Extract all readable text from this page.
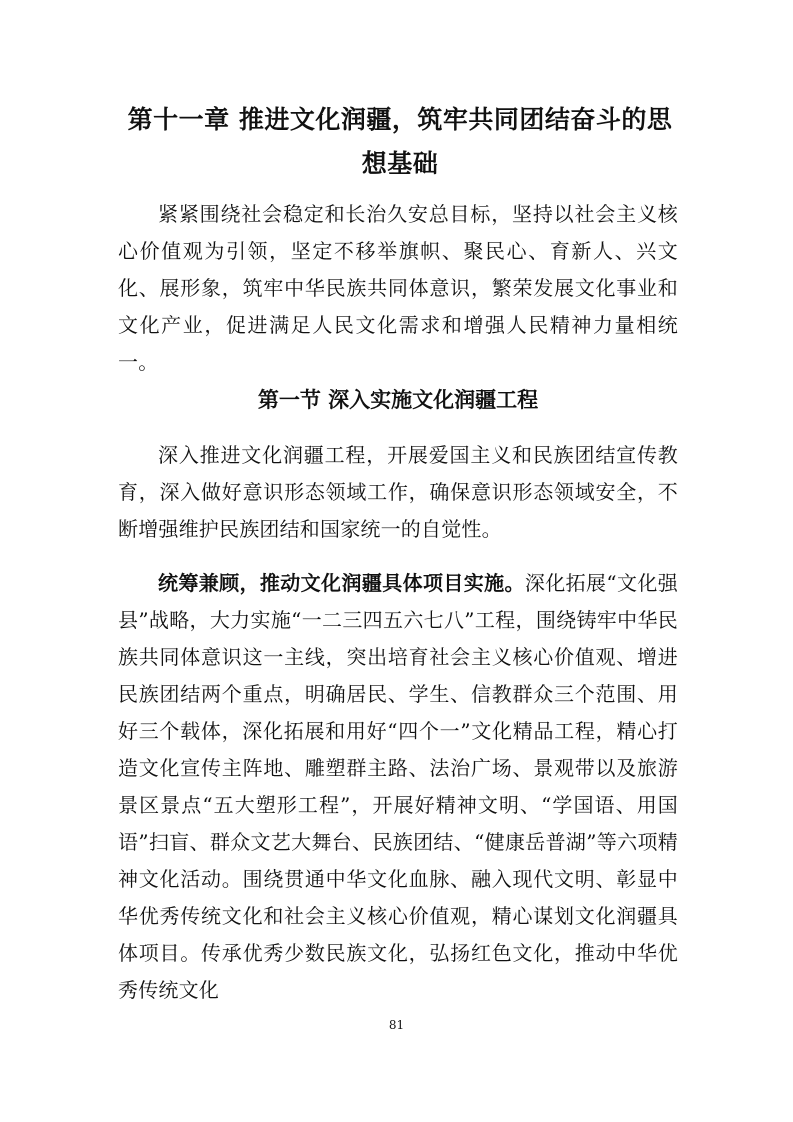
第十一章 推进文化润疆，筑牢共同团结奋斗的思想基础

紧紧围绕社会稳定和长治久安总目标，坚持以社会主义核心价值观为引领，坚定不移举旗帜、聚民心、育新人、兴文化、展形象，筑牢中华民族共同体意识，繁荣发展文化事业和文化产业，促进满足人民文化需求和增强人民精神力量相统一。

第一节 深入实施文化润疆工程

深入推进文化润疆工程，开展爱国主义和民族团结宣传教育，深入做好意识形态领域工作，确保意识形态领域安全，不断增强维护民族团结和国家统一的自觉性。

统筹兼顾，推动文化润疆具体项目实施。深化拓展“文化强县”战略，大力实施“一二三四五六七八”工程，围绕铸牢中华民族共同体意识这一主线，突出培育社会主义核心价值观、增进民族团结两个重点，明确居民、学生、信教群众三个范围、用好三个载体，深化拓展和用好“四个一”文化精品工程，精心打造文化宣传主阵地、雕塑群主路、法治广场、景观带以及旅游景区景点“五大塑形工程”，开展好精神文明、“学国语、用国语”扫盲、群众文艺大舞台、民族团结、“健康岳普湖”等六项精神文化活动。围绕贯通中华文化血脉、融入现代文明、彰显中华优秀传统文化和社会主义核心价值观，精心谋划文化润疆具体项目。传承优秀少数民族文化，弘扬红色文化，推动中华优秀传统文化

81
